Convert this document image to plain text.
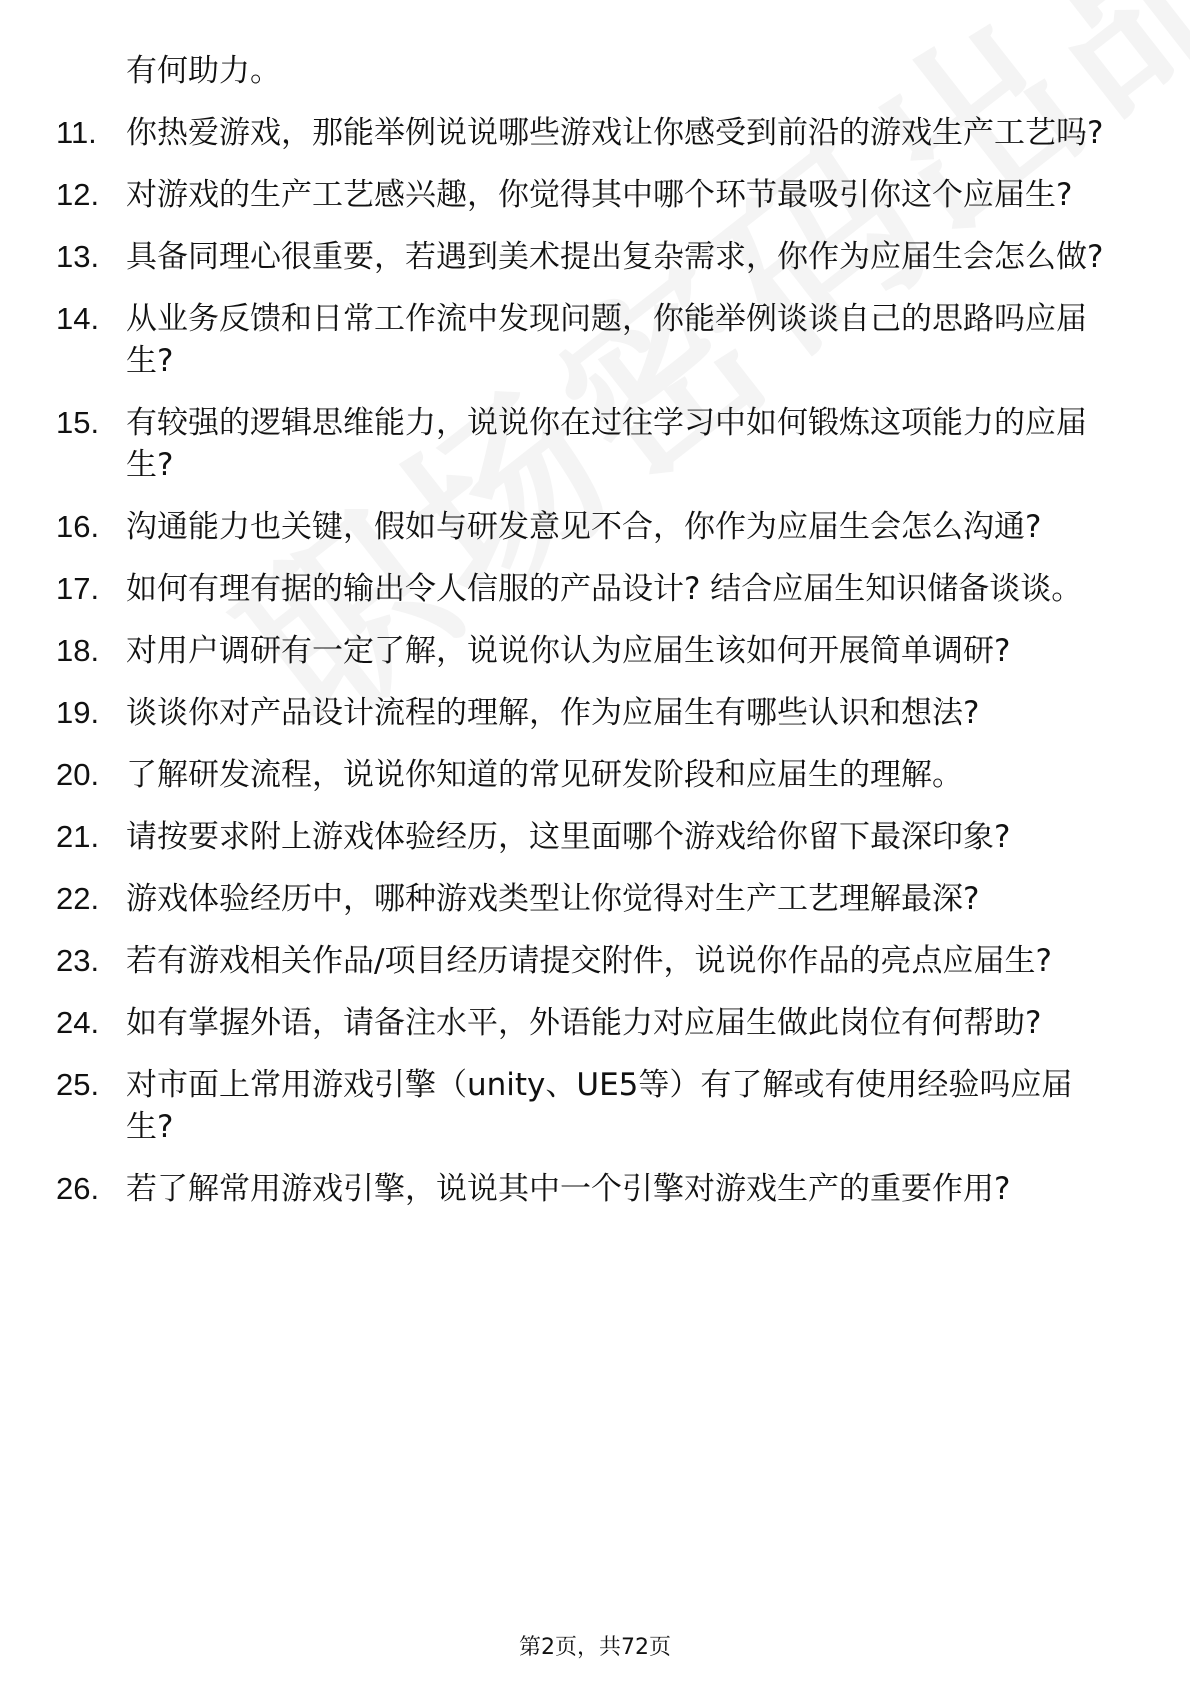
有何助力。

11. 你热爱游戏，那能举例说说哪些游戏让你感受到前沿的游戏生产工艺吗?
12. 对游戏的生产工艺感兴趣，你觉得其中哪个环节最吸引你这个应届生?
13. 具备同理心很重要，若遇到美术提出复杂需求，你作为应届生会怎么做?
14. 从业务反馈和日常工作流中发现问题，你能举例谈谈自己的思路吗应届生?
15. 有较强的逻辑思维能力，说说你在过往学习中如何锻炼这项能力的应届生?
16. 沟通能力也关键，假如与研发意见不合，你作为应届生会怎么沟通?
17. 如何有理有据的输出令人信服的产品设计? 结合应届生知识储备谈谈。
18. 对用户调研有一定了解，说说你认为应届生该如何开展简单调研?
19. 谈谈你对产品设计流程的理解，作为应届生有哪些认识和想法?
20. 了解研发流程，说说你知道的常见研发阶段和应届生的理解。
21. 请按要求附上游戏体验经历，这里面哪个游戏给你留下最深印象?
22. 游戏体验经历中，哪种游戏类型让你觉得对生产工艺理解最深?
23. 若有游戏相关作品/项目经历请提交附件，说说你作品的亮点应届生?
24. 如有掌握外语，请备注水平，外语能力对应届生做此岗位有何帮助?
25. 对市面上常用游戏引擎（unity、UE5等）有了解或有使用经验吗应届生?
26. 若了解常用游戏引擎，说说其中一个引擎对游戏生产的重要作用?
第2页，共72页
